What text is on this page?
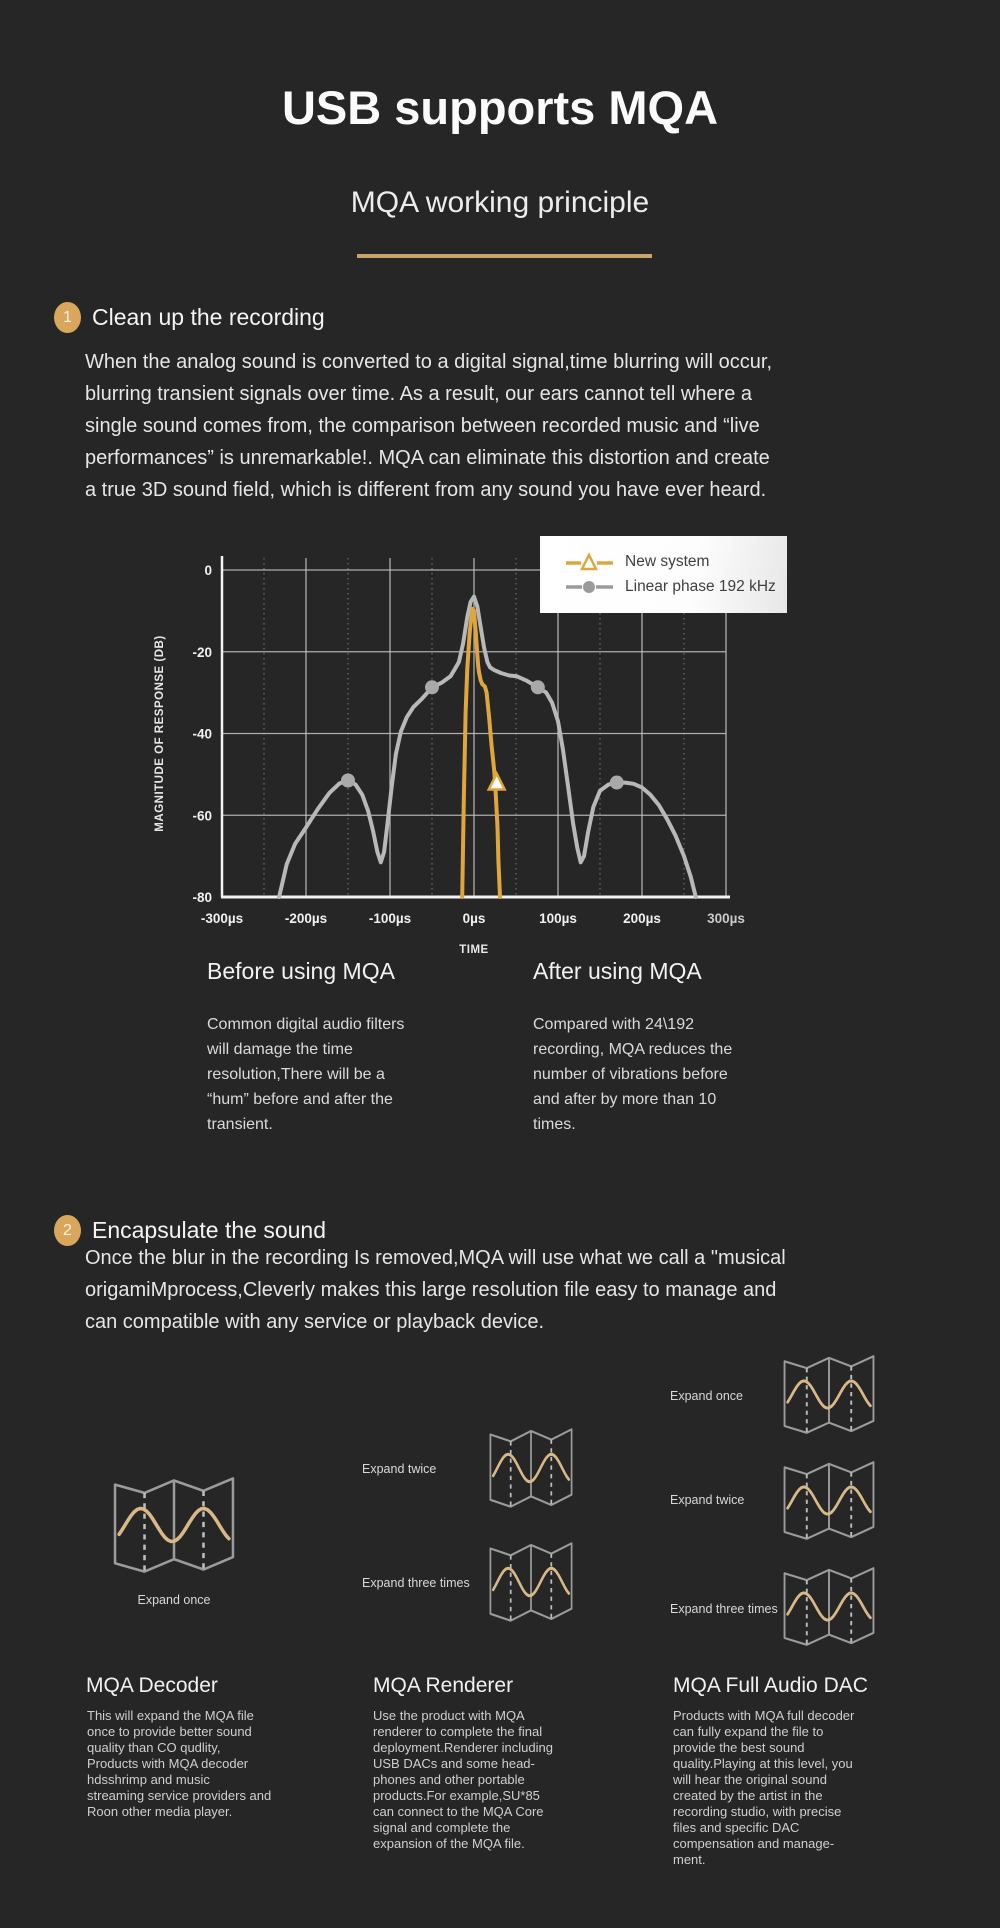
USB supports MQA
MQA working principle
1 Clean up the recording
When the analog sound is converted to a digital signal,time blurring will occur,
blurring transient signals over time. As a result, our ears cannot tell where a
single sound comes from, the comparison between recorded music and “live
performances” is unremarkable!. MQA can eliminate this distortion and create
a true 3D sound field, which is different from any sound you have ever heard.
0
-20
-40
-60
-80
-300µs	-200µs	-100µs	0µs	100µs	200µs	300µs
MAGNITUDE OF RESPONSE (DB)
TIME
New system
Linear phase 192 kHz
Before using MQA
Common digital audio filters
will damage the time
resolution,There will be a
“hum” before and after the
transient.
After using MQA
Compared with 24\192
recording, MQA reduces the
number of vibrations before
and after by more than 10
times.
2 Encapsulate the sound
Once the blur in the recording Is removed,MQA will use what we call a "musical
origamiMprocess,Cleverly makes this large resolution file easy to manage and
can compatible with any service or playback device.
Expand once
Expand twice
Expand three times
Expand once
Expand twice
Expand three times
MQA Decoder
This will expand the MQA file
once to provide better sound
quality than CO qudlity,
Products with MQA decoder
hdsshrimp and music
streaming service providers and
Roon other media player.
MQA Renderer
Use the product with MQA
renderer to complete the final
deployment.Renderer including
USB DACs and some head-
phones and other portable
products.For example,SU*85
can connect to the MQA Core
signal and complete the
expansion of the MQA file.
MQA Full Audio DAC
Products with MQA full decoder
can fully expand the file to
provide the best sound
quality.Playing at this level, you
will hear the original sound
created by the artist in the
recording studio, with precise
files and specific DAC
compensation and manage-
ment.
